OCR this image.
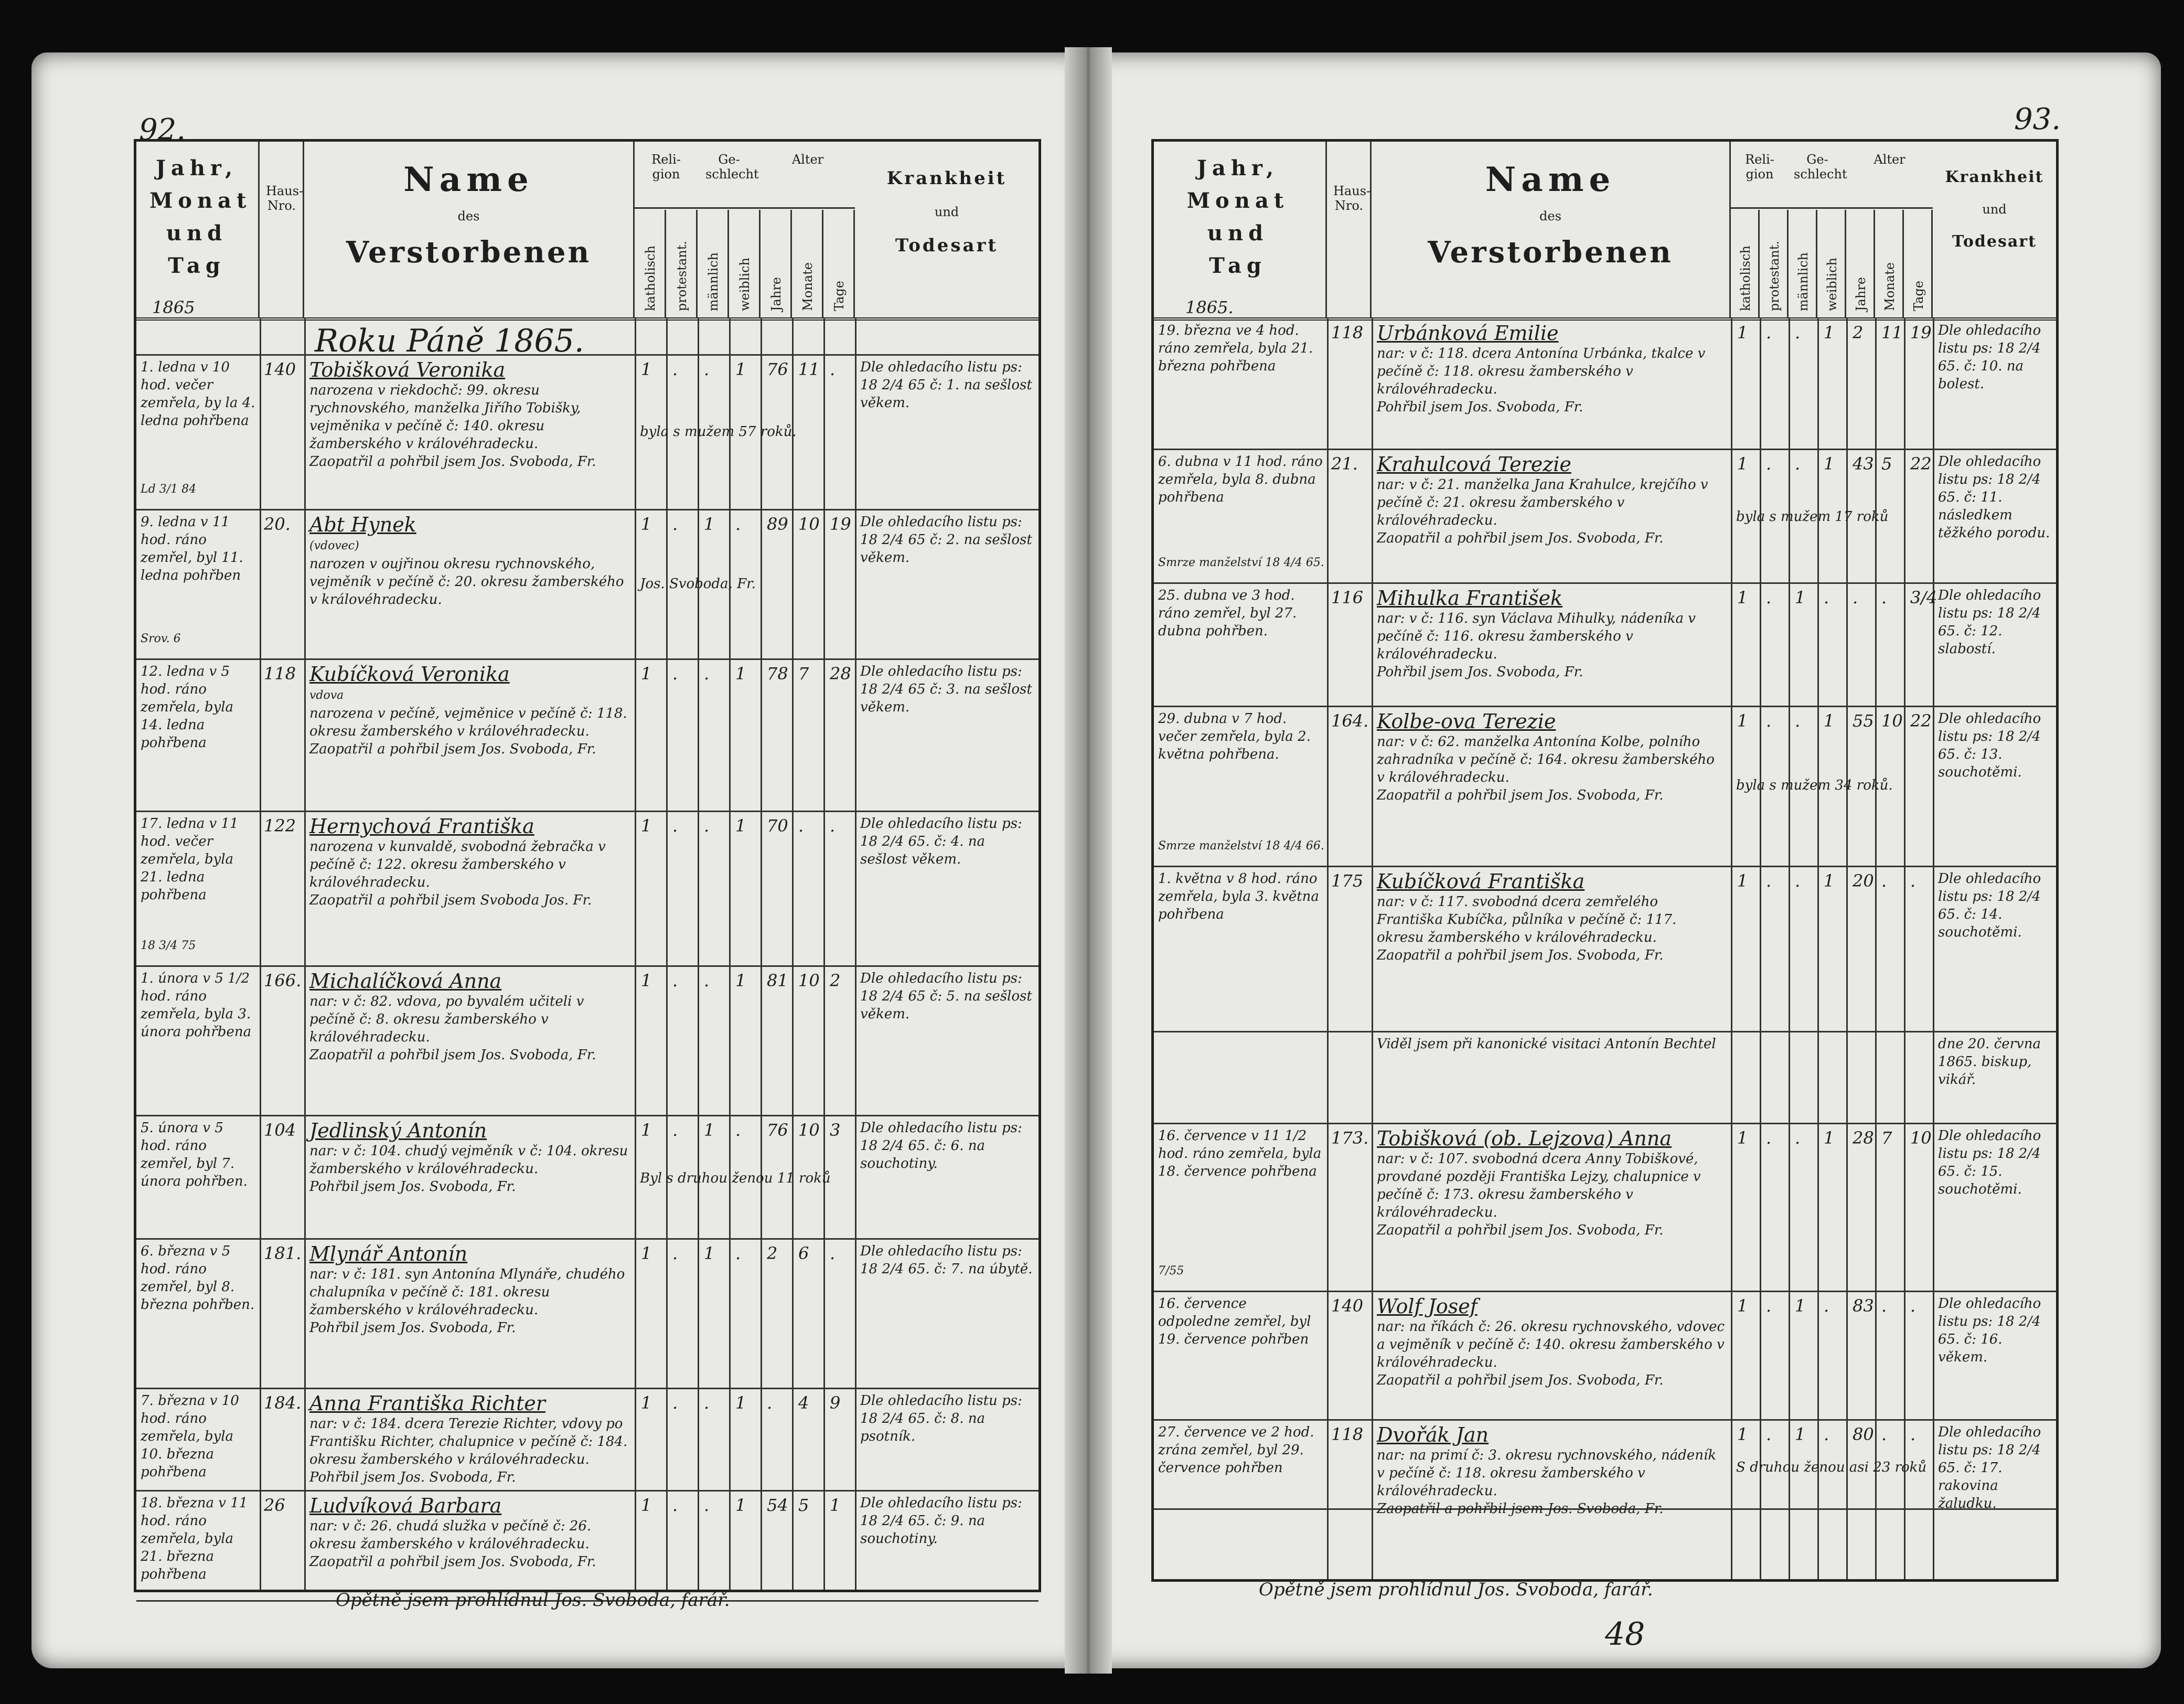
92.
Jahr, Monat und Tag
1865
Haus-Nro.
Name
des
Verstorbenen
Reli-gion
katholisch protestant.
Ge-schlecht
männlich weiblich
Alter
Jahre Monate Tage
Krankheit
und
Todesart
Roku Páně 1865.
1. ledna v 10 hod. večer zemřela, by la 4. ledna pohřbena
Ld 3/1 84
140 Tobišková Veronika
narozena v riekdochč: 99. okresu rychnovského, manželka Jiřího Tobišky, vejměnika v pečíně č: 140. okresu žamberského v královéhradecku.
Zaopatřil a pohřbil jsem Jos. Svoboda, Fr.
1 . . 1 76 11 .
byla s mužem 57 roků.
Dle ohledacího listu ps: 18 2/4 65 č: 1. na sešlost věkem.
9. ledna v 11 hod. ráno zemřel, byl 11. ledna pohřben
Srov. 6
20. Abt Hynek
(vdovec)
narozen v oujřinou okresu rychnovského, vejměník v pečíně č: 20. okresu žamberského v královéhradecku.
1 . 1 . 89 10 19
Jos. Svoboda, Fr.
Dle ohledacího listu ps: 18 2/4 65 č: 2. na sešlost věkem.
12. ledna v 5 hod. ráno zemřela, byla 14. ledna pohřbena
118 Kubíčková Veronika
vdova
narozena v pečíně, vejměnice v pečíně č: 118. okresu žamberského v královéhradecku.
Zaopatřil a pohřbil jsem Jos. Svoboda, Fr.
1 . . 1 78 7 28 Dle ohledacího listu ps: 18 2/4 65 č: 3. na sešlost věkem.
17. ledna v 11 hod. večer zemřela, byla 21. ledna pohřbena
18 3/4 75
122 Hernychová Františka
narozena v kunvaldě, svobodná žebračka v pečíně č: 122. okresu žamberského v královéhradecku.
Zaopatřil a pohřbil jsem Svoboda Jos. Fr.
1 . . 1 70 . . Dle ohledacího listu ps: 18 2/4 65. č: 4. na sešlost věkem.
1. února v 5 1/2 hod. ráno zemřela, byla 3. února pohřbena
166. Michalíčková Anna
nar: v č: 82. vdova, po byvalém učiteli v pečíně č: 8. okresu žamberského v královéhradecku.
Zaopatřil a pohřbil jsem Jos. Svoboda, Fr.
1 . . 1 81 10 2 Dle ohledacího listu ps: 18 2/4 65 č: 5. na sešlost věkem.
5. února v 5 hod. ráno zemřel, byl 7. února pohřben.
104 Jedlinský Antonín
nar: v č: 104. chudý vejměník v č: 104. okresu žamberského v královéhradecku.
Pohřbil jsem Jos. Svoboda, Fr.
1 . 1 . 76 10 3
Byl s druhou ženou 11 roků
Dle ohledacího listu ps: 18 2/4 65. č: 6. na souchotiny.
6. března v 5 hod. ráno zemřel, byl 8. března pohřben.
181. Mlynář Antonín
nar: v č: 181. syn Antonína Mlynáře, chudého chalupníka v pečíně č: 181. okresu žamberského v královéhradecku.
Pohřbil jsem Jos. Svoboda, Fr.
1 . 1 . 2 6 . Dle ohledacího listu ps: 18 2/4 65. č: 7. na úbytě.
7. března v 10 hod. ráno zemřela, byla 10. března pohřbena
184. Anna Františka Richter
nar: v č: 184. dcera Terezie Richter, vdovy po Františku Richter, chalupnice v pečíně č: 184. okresu žamberského v královéhradecku.
Pohřbil jsem Jos. Svoboda, Fr.
1 . . 1 . 4 9 Dle ohledacího listu ps: 18 2/4 65. č: 8. na psotník.
18. března v 11 hod. ráno zemřela, byla 21. března pohřbena
26 Ludvíková Barbara
nar: v č: 26. chudá služka v pečíně č: 26. okresu žamberského v královéhradecku.
Zaopatřil a pohřbil jsem Jos. Svoboda, Fr.
1 . . 1 54 5 1 Dle ohledacího listu ps: 18 2/4 65. č: 9. na souchotiny.
Opětně jsem prohlídnul Jos. Svoboda, farář.
93.
Jahr, Monat und Tag
1865.
Haus-Nro.
Name
des
Verstorbenen
Reli-gion
katholisch protestant.
Ge-schlecht
männlich weiblich
Alter
Jahre Monate Tage
Krankheit
und
Todesart
19. března ve 4 hod. ráno zemřela, byla 21. března pohřbena
118 Urbánková Emilie
nar: v č: 118. dcera Antonína Urbánka, tkalce v pečíně č: 118. okresu žamberského v královéhradecku.
Pohřbil jsem Jos. Svoboda, Fr.
1 . . 1 2 11 19 Dle ohledacího listu ps: 18 2/4 65. č: 10. na bolest.
6. dubna v 11 hod. ráno zemřela, byla 8. dubna pohřbena
Smrze manželství 18 4/4 65.
21. Krahulcová Terezie
nar: v č: 21. manželka Jana Krahulce, krejčího v pečíně č: 21. okresu žamberského v královéhradecku.
Zaopatřil a pohřbil jsem Jos. Svoboda, Fr.
1 . . 1 43 5 22
byla s mužem 17 roků
Dle ohledacího listu ps: 18 2/4 65. č: 11. následkem těžkého porodu.
25. dubna ve 3 hod. ráno zemřel, byl 27. dubna pohřben.
116 Mihulka František
nar: v č: 116. syn Václava Mihulky, nádeníka v pečíně č: 116. okresu žamberského v královéhradecku.
Pohřbil jsem Jos. Svoboda, Fr.
1 . 1 . . . 3/4 Dle ohledacího listu ps: 18 2/4 65. č: 12. slabostí.
29. dubna v 7 hod. večer zemřela, byla 2. května pohřbena.
Smrze manželství 18 4/4 66.
164. Kolbe-ova Terezie
nar: v č: 62. manželka Antonína Kolbe, polního zahradníka v pečíně č: 164. okresu žamberského v královéhradecku.
Zaopatřil a pohřbil jsem Jos. Svoboda, Fr.
1 . . 1 55 10 22
byla s mužem 34 roků.
Dle ohledacího listu ps: 18 2/4 65. č: 13. souchotěmi.
1. května v 8 hod. ráno zemřela, byla 3. května pohřbena
175 Kubíčková Františka
nar: v č: 117. svobodná dcera zemřelého Františka Kubíčka, půlníka v pečíně č: 117. okresu žamberského v královéhradecku.
Zaopatřil a pohřbil jsem Jos. Svoboda, Fr.
1 . . 1 20 . . Dle ohledacího listu ps: 18 2/4 65. č: 14. souchotěmi.
Viděl jsem při kanonické visitaci Antonín Bechtel	dne 20. června 1865. biskup, vikář.
16. července v 11 1/2 hod. ráno zemřela, byla 18. července pohřbena
7/55
173. Tobišková (ob. Lejzova) Anna
nar: v č: 107. svobodná dcera Anny Tobiškové, provdané později Františka Lejzy, chalupnice v pečíně č: 173. okresu žamberského v královéhradecku.
Zaopatřil a pohřbil jsem Jos. Svoboda, Fr.
1 . . 1 28 7 10 Dle ohledacího listu ps: 18 2/4 65. č: 15. souchotěmi.
16. července odpoledne zemřel, byl 19. července pohřben
140 Wolf Josef
nar: na říkách č: 26. okresu rychnovského, vdovec a vejměník v pečíně č: 140. okresu žamberského v královéhradecku.
Zaopatřil a pohřbil jsem Jos. Svoboda, Fr.
1 . 1 . 83 . . Dle ohledacího listu ps: 18 2/4 65. č: 16. věkem.
27. července ve 2 hod. zrána zemřel, byl 29. července pohřben
118 Dvořák Jan
nar: na primí č: 3. okresu rychnovského, nádeník v pečíně č: 118. okresu žamberského v královéhradecku.
Zaopatřil a pohřbil jsem Jos. Svoboda, Fr.
1 . 1 . 80 . .
S druhou ženou asi 23 roků
Dle ohledacího listu ps: 18 2/4 65. č: 17. rakovina žaludku.
Opětně jsem prohlídnul Jos. Svoboda, farář.
48
